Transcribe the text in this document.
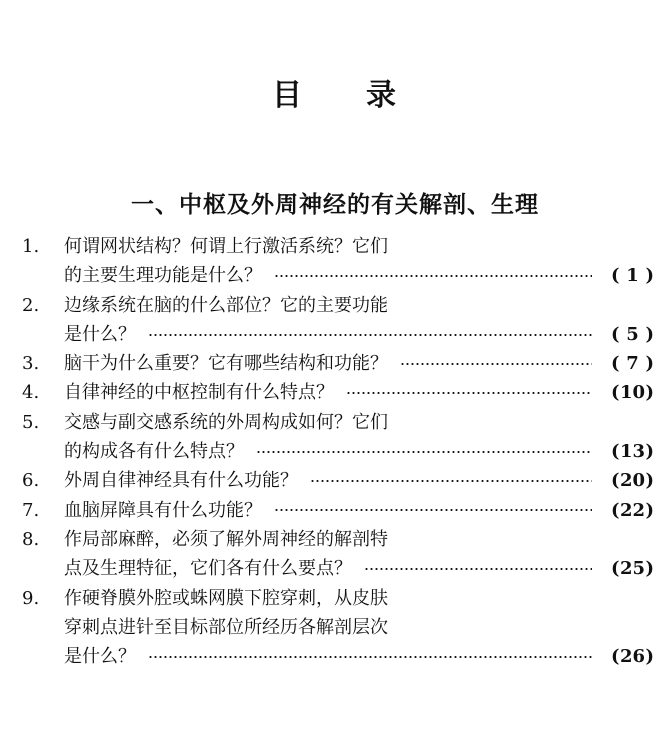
目 录
一、中枢及外周神经的有关解剖、生理
1.	何谓网状结构？何谓上行激活系统？它们
的主要生理功能是什么？	( 1 )
2.	边缘系统在脑的什么部位？它的主要功能
是什么？	( 5 )
3.	脑干为什么重要？它有哪些结构和功能？	( 7 )
4.	自律神经的中枢控制有什么特点？	(10)
5.	交感与副交感系统的外周构成如何？它们
的构成各有什么特点？	(13)
6.	外周自律神经具有什么功能？	(20)
7.	血脑屏障具有什么功能？	(22)
8.	作局部麻醉，必须了解外周神经的解剖特
点及生理特征，它们各有什么要点？	(25)
9.	作硬脊膜外腔或蛛网膜下腔穿刺，从皮肤
穿刺点进针至目标部位所经历各解剖层次
是什么？	(26)
